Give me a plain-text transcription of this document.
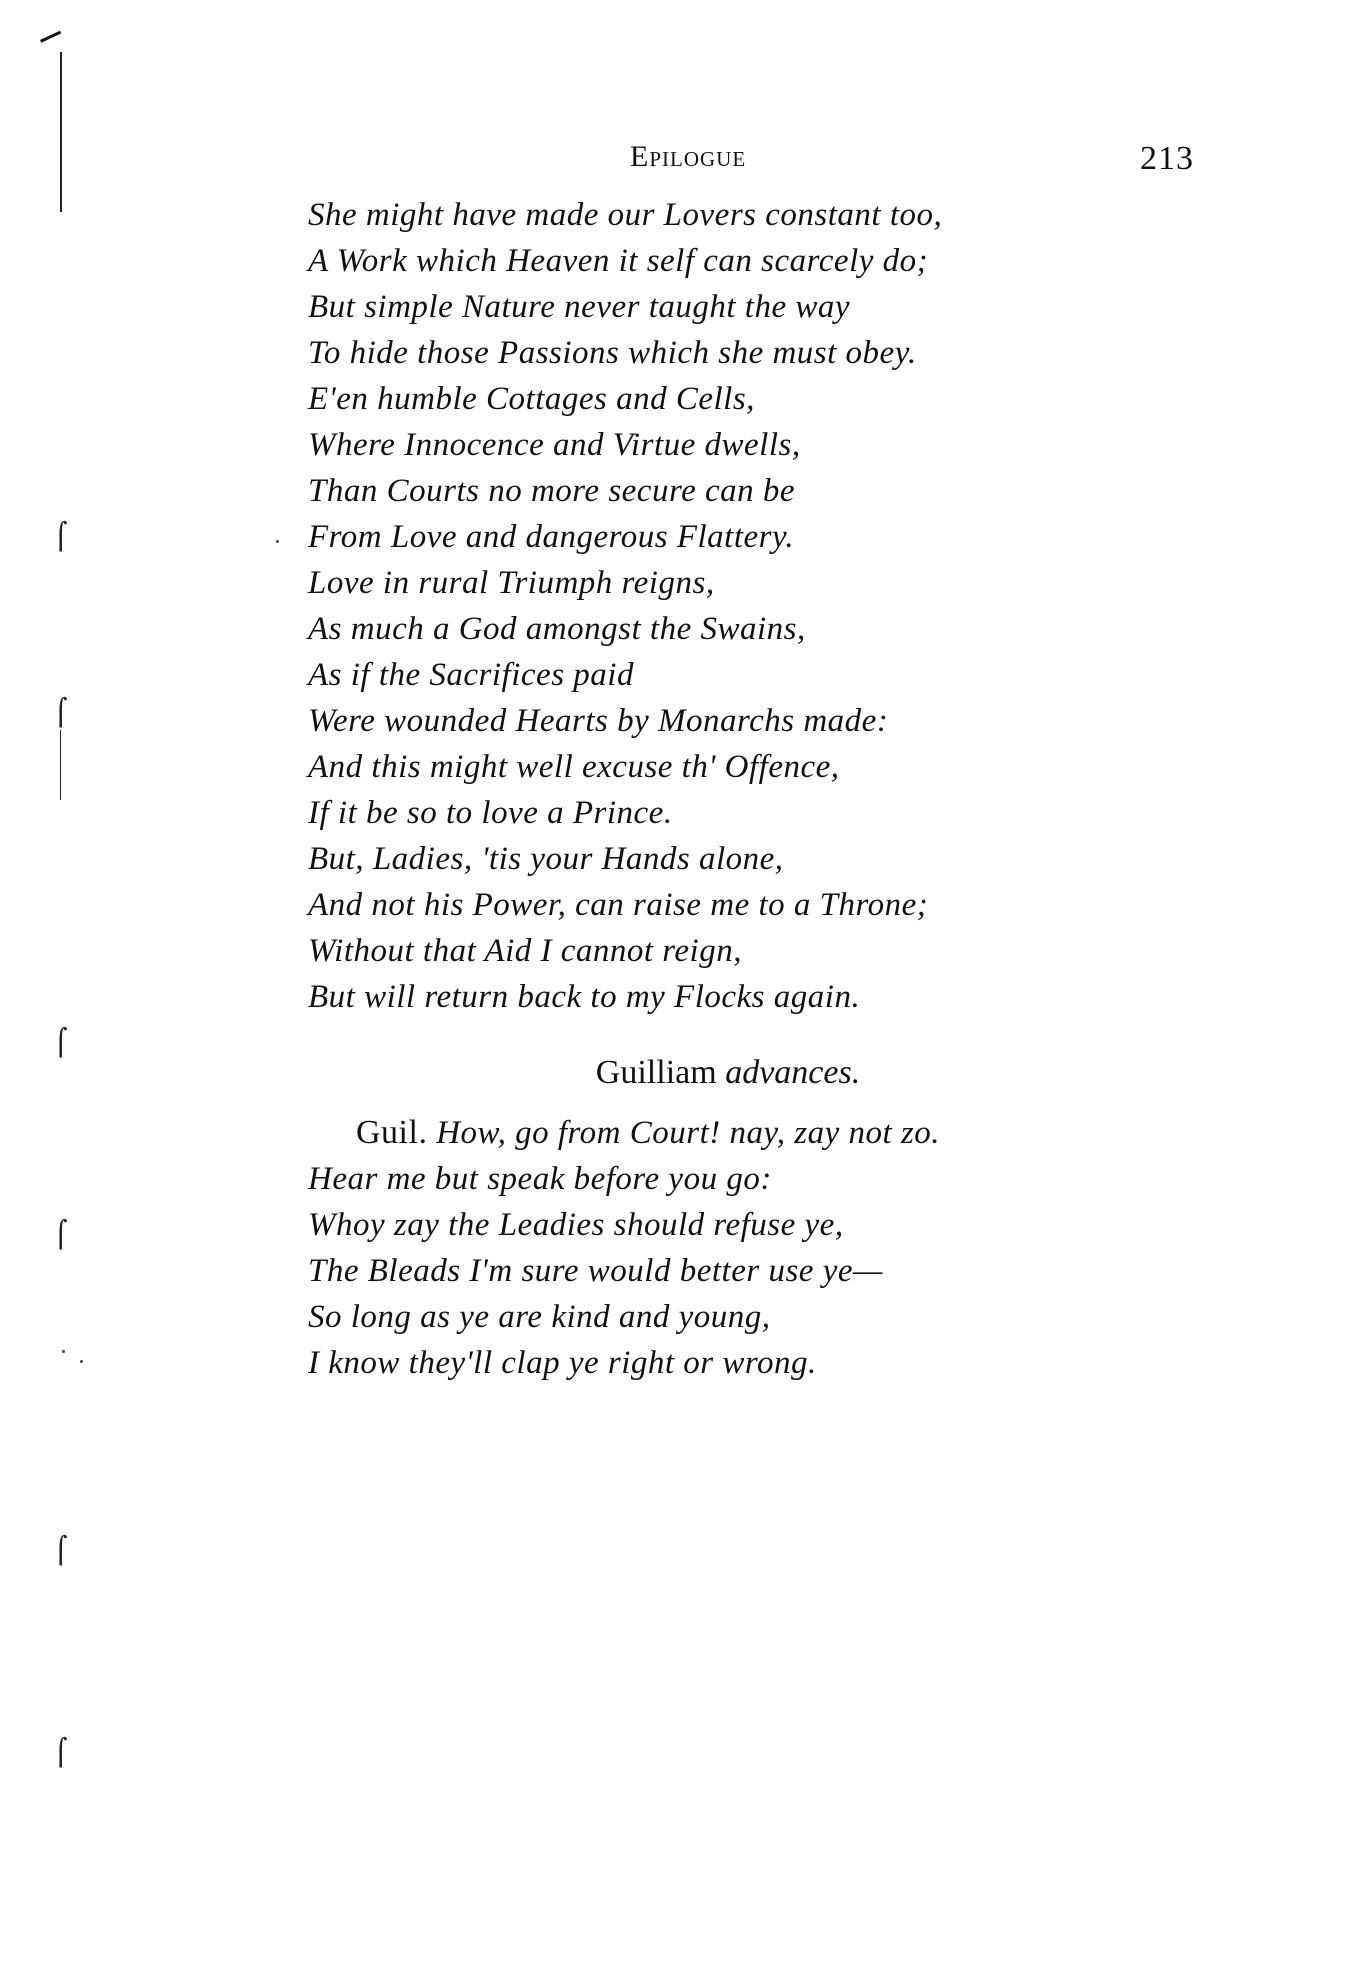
⌠
⌠
⌠
⌠
⌠
⌠
Epilogue	213
She might have made our Lovers constant too,
A Work which Heaven it self can scarcely do;
But simple Nature never taught the way
To hide those Passions which she must obey.
E'en humble Cottages and Cells,
Where Innocence and Virtue dwells,
Than Courts no more secure can be
From Love and dangerous Flattery.
Love in rural Triumph reigns,
As much a God amongst the Swains,
As if the Sacrifices paid
Were wounded Hearts by Monarchs made:
And this might well excuse th' Offence,
If it be so to love a Prince.
But, Ladies, 'tis your Hands alone,
And not his Power, can raise me to a Throne;
Without that Aid I cannot reign,
But will return back to my Flocks again.
Guilliam advances.
Guil. How, go from Court! nay, zay not zo.
Hear me but speak before you go:
Whoy zay the Leadies should refuse ye,
The Bleads I'm sure would better use ye—
So long as ye are kind and young,
I know they'll clap ye right or wrong.
